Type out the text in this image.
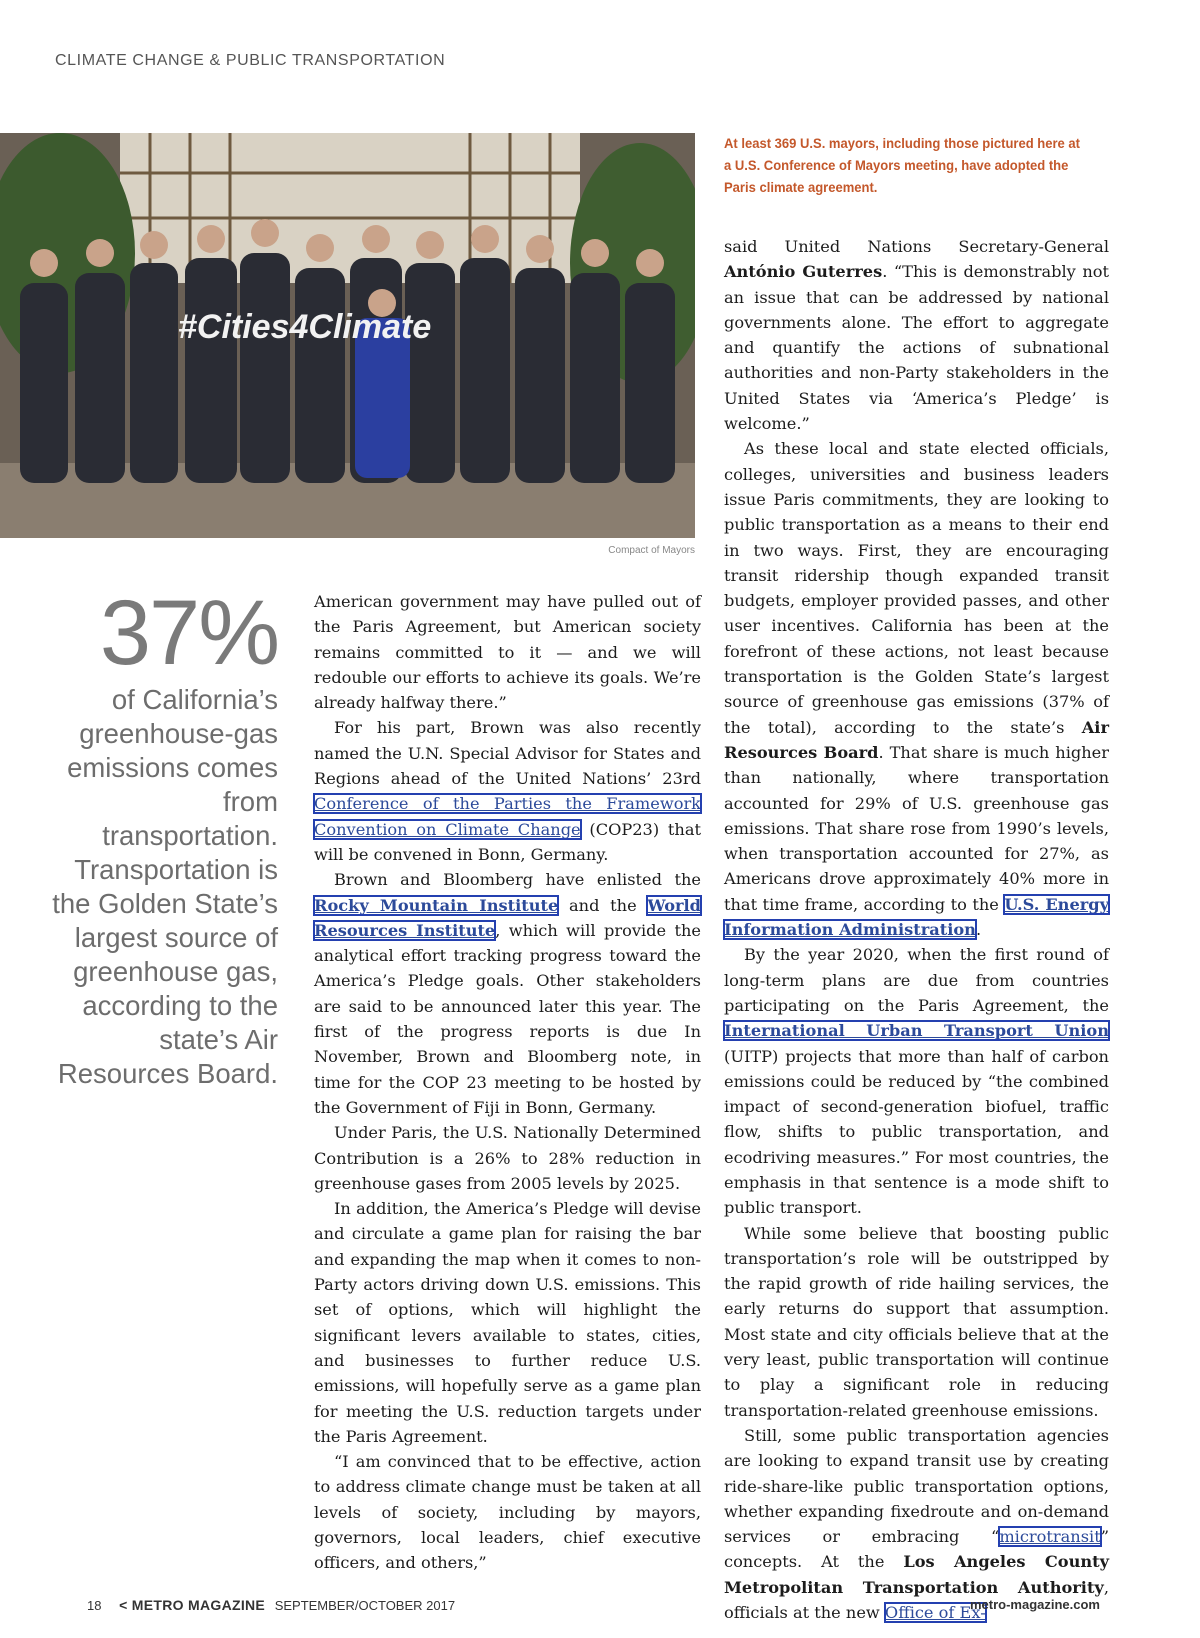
CLIMATE CHANGE & PUBLIC TRANSPORTATION
#Cities4Climate
Compact of Mayors
At least 369 U.S. mayors, including those pictured here at a U.S. Conference of Mayors meeting, have adopted the Paris climate agreement.
37%
of California’s greenhouse-gas emissions comes from transportation. Transportation is the Golden State’s largest source of greenhouse gas, according to the state’s Air Resources Board.

American government may have pulled out of the Paris Agreement, but American society remains committed to it — and we will redouble our efforts to achieve its goals. We’re already halfway there.”

For his part, Brown was also recently named the U.N. Special Advisor for States and Regions ahead of the United Nations’ 23rd Conference of the Parties the Framework Convention on Climate Change (COP23) that will be convened in Bonn, Germany.

Brown and Bloomberg have enlisted the Rocky Mountain Institute and the World Resources Institute, which will provide the analytical effort tracking progress toward the America’s Pledge goals. Other stakeholders are said to be announced later this year. The first of the progress reports is due In November, Brown and Bloomberg note, in time for the COP 23 meeting to be hosted by the Government of Fiji in Bonn, Germany.

Under Paris, the U.S. Nationally Determined Contribution is a 26% to 28% reduction in greenhouse gases from 2005 levels by 2025.

In addition, the America’s Pledge will devise and circulate a game plan for raising the bar and expanding the map when it comes to non-Party actors driving down U.S. emissions. This set of options, which will highlight the significant levers available to states, cities, and businesses to further reduce U.S. emissions, will hopefully serve as a game plan for meeting the U.S. reduction targets under the Paris Agreement.

“I am convinced that to be effective, action to address climate change must be taken at all levels of society, including by mayors, governors, local leaders, chief executive officers, and others,”

said United Nations Secretary-General António Guterres. “This is demonstrably not an issue that can be addressed by national governments alone. The effort to aggregate and quantify the actions of subnational authorities and non-Party stakeholders in the United States via ‘America’s Pledge’ is welcome.”

As these local and state elected officials, colleges, universities and business leaders issue Paris commitments, they are looking to public transportation as a means to their end in two ways. First, they are encouraging transit ridership though expanded transit budgets, employer provided passes, and other user incentives. California has been at the forefront of these actions, not least because transportation is the Golden State’s largest source of greenhouse gas emissions (37% of the total), according to the state’s Air Resources Board. That share is much higher than nationally, where transportation accounted for 29% of U.S. greenhouse gas emissions. That share rose from 1990’s levels, when transportation accounted for 27%, as Americans drove approximately 40% more in that time frame, according to the U.S. Energy Information Administration.

By the year 2020, when the first round of long-term plans are due from countries participating on the Paris Agreement, the International Urban Transport Union (UITP) projects that more than half of carbon emissions could be reduced by “the combined impact of second-generation biofuel, traffic flow, shifts to public transportation, and ecodriving measures.” For most countries, the emphasis in that sentence is a mode shift to public transport.

While some believe that boosting public transportation’s role will be outstripped by the rapid growth of ride hailing services, the early returns do support that assumption. Most state and city officials believe that at the very least, public transportation will continue to play a significant role in reducing transportation-related greenhouse emissions.

Still, some public transportation agencies are looking to expand transit use by creating ride-share-like public transportation options, whether expanding fixedroute and on-demand services or embracing “microtransit” concepts. At the Los Angeles County Metropolitan Transportation Authority, officials at the new Office of Ex-

18 < METRO MAGAZINE SEPTEMBER/OCTOBER 2017	metro-magazine.com
